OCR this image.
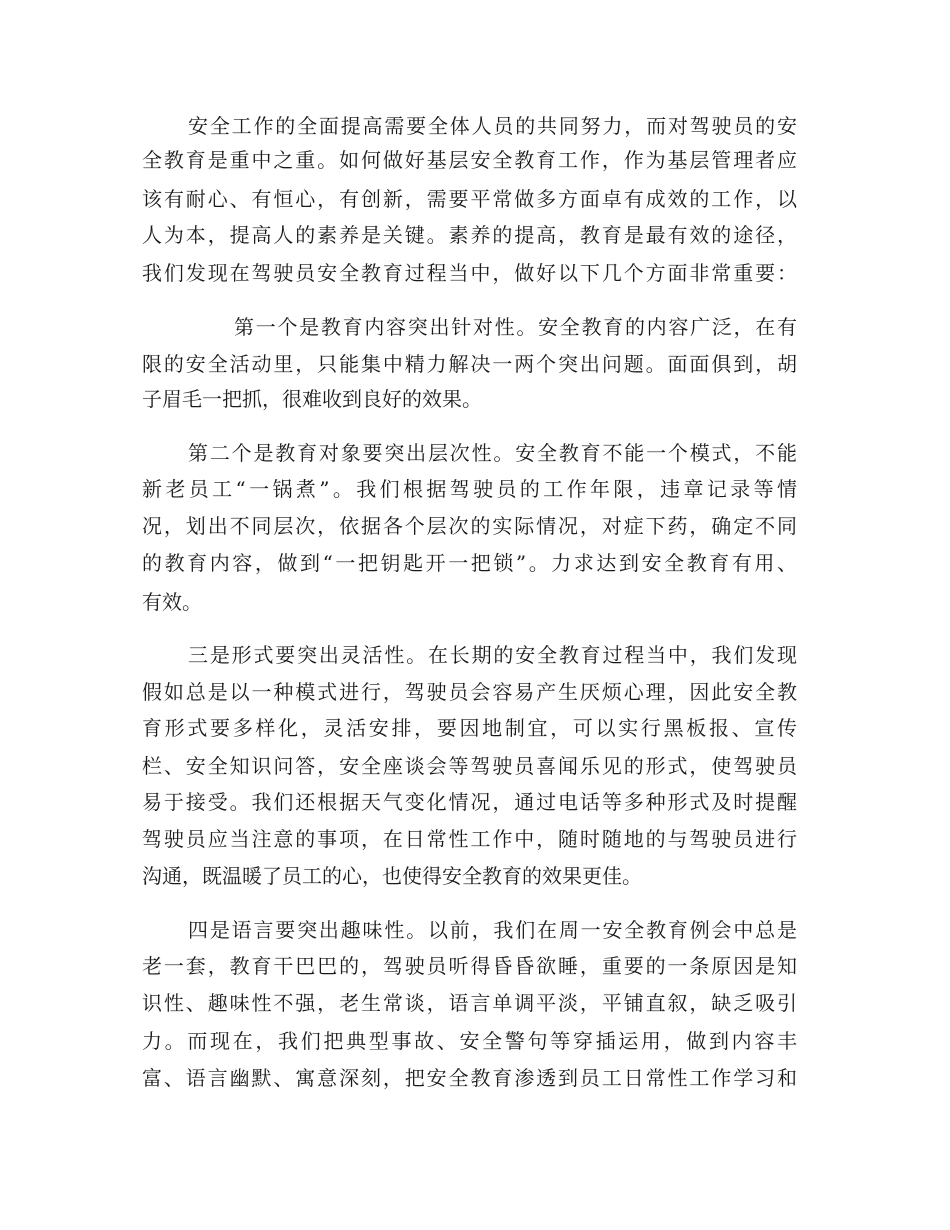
安全工作的全面提高需要全体人员的共同努力，而对驾驶员的安
全教育是重中之重。如何做好基层安全教育工作，作为基层管理者应
该有耐心、有恒心，有创新，需要平常做多方面卓有成效的工作，以
人为本，提高人的素养是关键。素养的提高，教育是最有效的途径，
我们发现在驾驶员安全教育过程当中，做好以下几个方面非常重要：
第一个是教育内容突出针对性。安全教育的内容广泛，在有
限的安全活动里，只能集中精力解决一两个突出问题。面面俱到，胡
子眉毛一把抓，很难收到良好的效果。
第二个是教育对象要突出层次性。安全教育不能一个模式，不能
新老员工“一锅煮”。我们根据驾驶员的工作年限，违章记录等情
况，划出不同层次，依据各个层次的实际情况，对症下药，确定不同
的教育内容，做到“一把钥匙开一把锁”。力求达到安全教育有用、
有效。
三是形式要突出灵活性。在长期的安全教育过程当中，我们发现
假如总是以一种模式进行，驾驶员会容易产生厌烦心理，因此安全教
育形式要多样化，灵活安排，要因地制宜，可以实行黑板报、宣传
栏、安全知识问答，安全座谈会等驾驶员喜闻乐见的形式，使驾驶员
易于接受。我们还根据天气变化情况，通过电话等多种形式及时提醒
驾驶员应当注意的事项，在日常性工作中，随时随地的与驾驶员进行
沟通，既温暖了员工的心，也使得安全教育的效果更佳。
四是语言要突出趣味性。以前，我们在周一安全教育例会中总是
老一套，教育干巴巴的，驾驶员听得昏昏欲睡，重要的一条原因是知
识性、趣味性不强，老生常谈，语言单调平淡，平铺直叙，缺乏吸引
力。而现在，我们把典型事故、安全警句等穿插运用，做到内容丰
富、语言幽默、寓意深刻，把安全教育渗透到员工日常性工作学习和
